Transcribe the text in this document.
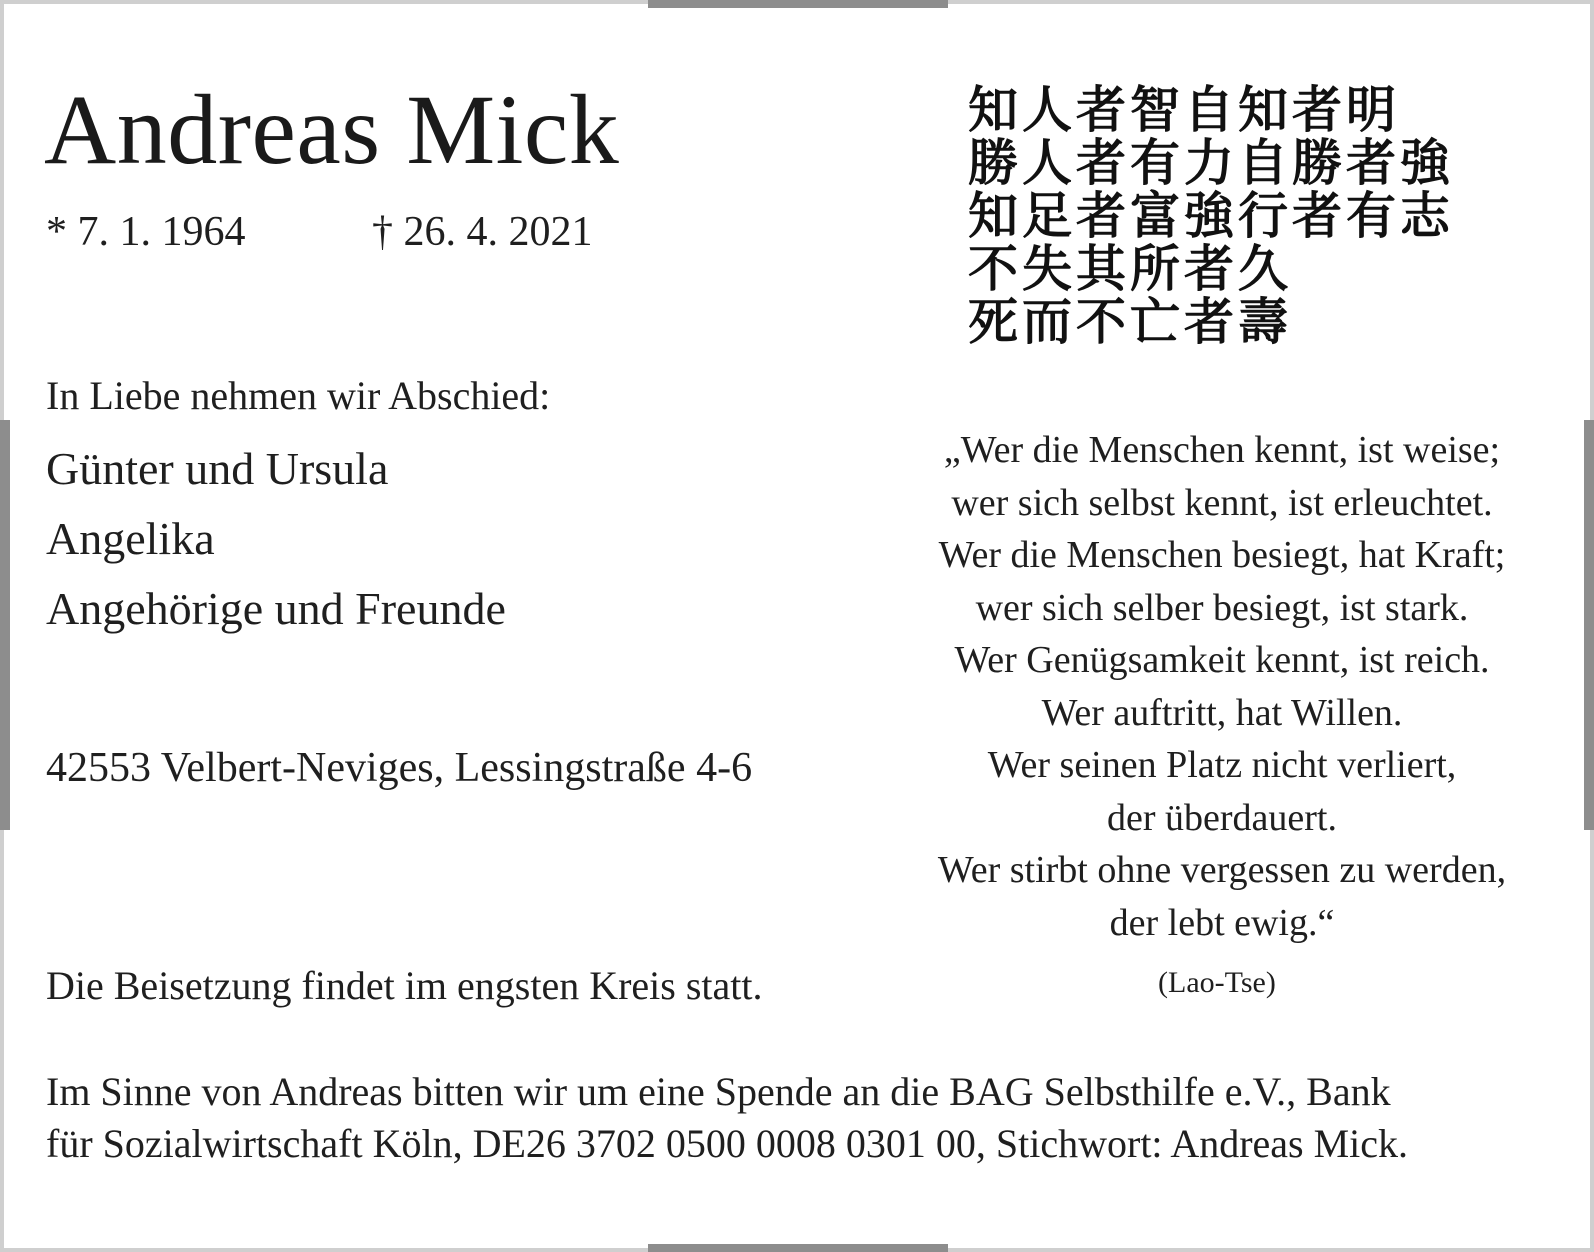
Andreas Mick
* 7. 1. 1964	† 26. 4. 2021
In Liebe nehmen wir Abschied:
Günter und Ursula
Angelika
Angehörige und Freunde
42553 Velbert-Neviges, Lessingstraße 4-6
Die Beisetzung findet im engsten Kreis statt.
Im Sinne von Andreas bitten wir um eine Spende an die BAG Selbsthilfe e.V., Bank
für Sozialwirtschaft Köln, DE26 3702 0500 0008 0301 00, Stichwort: Andreas Mick.
知人者智自知者明
勝人者有力自勝者強
知足者富強行者有志
不失其所者久
死而不亡者壽
„Wer die Menschen kennt, ist weise;
wer sich selbst kennt, ist erleuchtet.
Wer die Menschen besiegt, hat Kraft;
wer sich selber besiegt, ist stark.
Wer Genügsamkeit kennt, ist reich.
Wer auftritt, hat Willen.
Wer seinen Platz nicht verliert,
der überdauert.
Wer stirbt ohne vergessen zu werden,
der lebt ewig.“
(Lao-Tse)
